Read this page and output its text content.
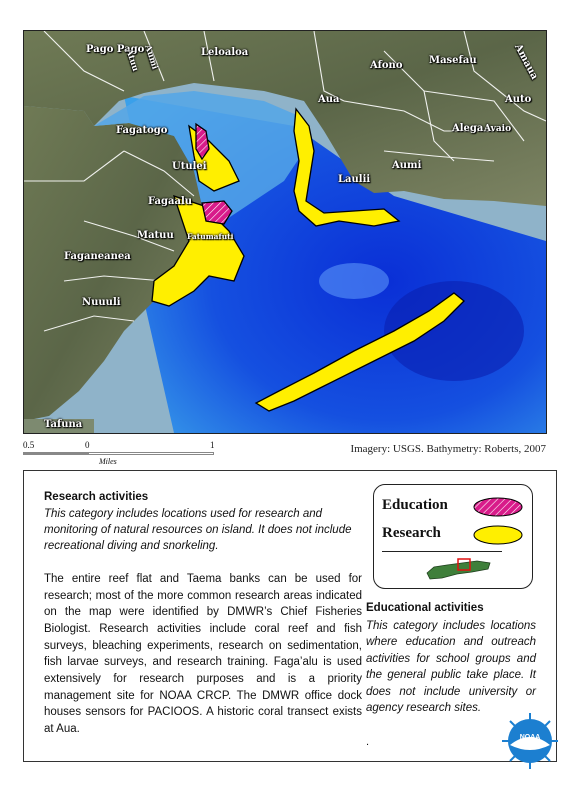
Pago Pago
Atuu Aumi	Leloaloa
Afono	Masefau	Amaua
Aua	Auto
Alega Avaio
Fagatogo
Utulei	Aumi
Laulii
Fagaalu
Matuu Fatumafuti
Faganeanea
Nuuuli
Tafuna
0.5	0	1
Miles
Imagery: USGS. Bathymetry: Roberts, 2007
Research activities
This category includes locations used for research and monitoring of natural resources on island. It does not include recreational diving and snorkeling.
The entire reef flat and Taema banks can be used for research; most of the more common research areas indicated on the map were identified by DMWR’s Chief Fisheries Biologist. Research activities include coral reef and fish surveys, bleaching experiments, research on sedimentation, fish larvae surveys, and research training. Faga’alu is used extensively for research purposes and is a priority management site for NOAA CRCP. The DMWR office dock houses sensors for PACIOOS. A historic coral transect exists at Aua.
Education
Research
Educational activities
This category includes locations where education and outreach activities for school groups and the general public take place. It does not include university or agency research sites.
.	NOAA
